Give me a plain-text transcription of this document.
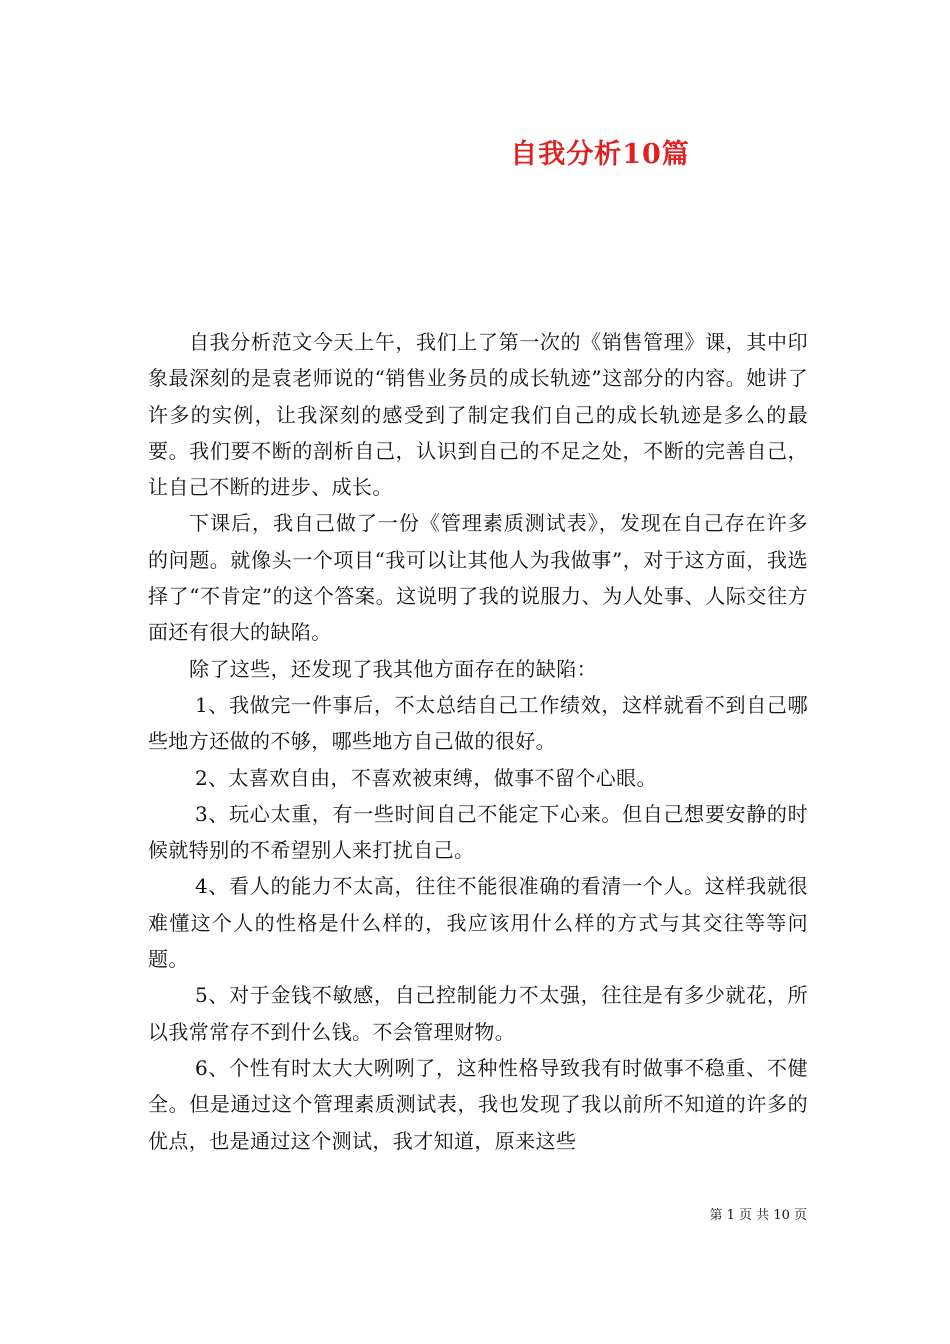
自我分析10篇

自我分析范文今天上午，我们上了第一次的《销售管理》课，其中印象最深刻的是袁老师说的“销售业务员的成长轨迹”这部分的内容。她讲了许多的实例，让我深刻的感受到了制定我们自己的成长轨迹是多么的最要。我们要不断的剖析自己，认识到自己的不足之处，不断的完善自己，让自己不断的进步、成长。

下课后，我自己做了一份《管理素质测试表》，发现在自己存在许多的问题。就像头一个项目“我可以让其他人为我做事”，对于这方面，我选择了“不肯定”的这个答案。这说明了我的说服力、为人处事、人际交往方面还有很大的缺陷。

除了这些，还发现了我其他方面存在的缺陷：

1、我做完一件事后，不太总结自己工作绩效，这样就看不到自己哪些地方还做的不够，哪些地方自己做的很好。

2、太喜欢自由，不喜欢被束缚，做事不留个心眼。

3、玩心太重，有一些时间自己不能定下心来。但自己想要安静的时候就特别的不希望别人来打扰自己。

4、看人的能力不太高，往往不能很准确的看清一个人。这样我就很难懂这个人的性格是什么样的，我应该用什么样的方式与其交往等等问题。

5、对于金钱不敏感，自己控制能力不太强，往往是有多少就花，所以我常常存不到什么钱。不会管理财物。

6、个性有时太大大咧咧了，这种性格导致我有时做事不稳重、不健全。但是通过这个管理素质测试表，我也发现了我以前所不知道的许多的优点，也是通过这个测试，我才知道，原来这些

第 1 页 共 10 页
